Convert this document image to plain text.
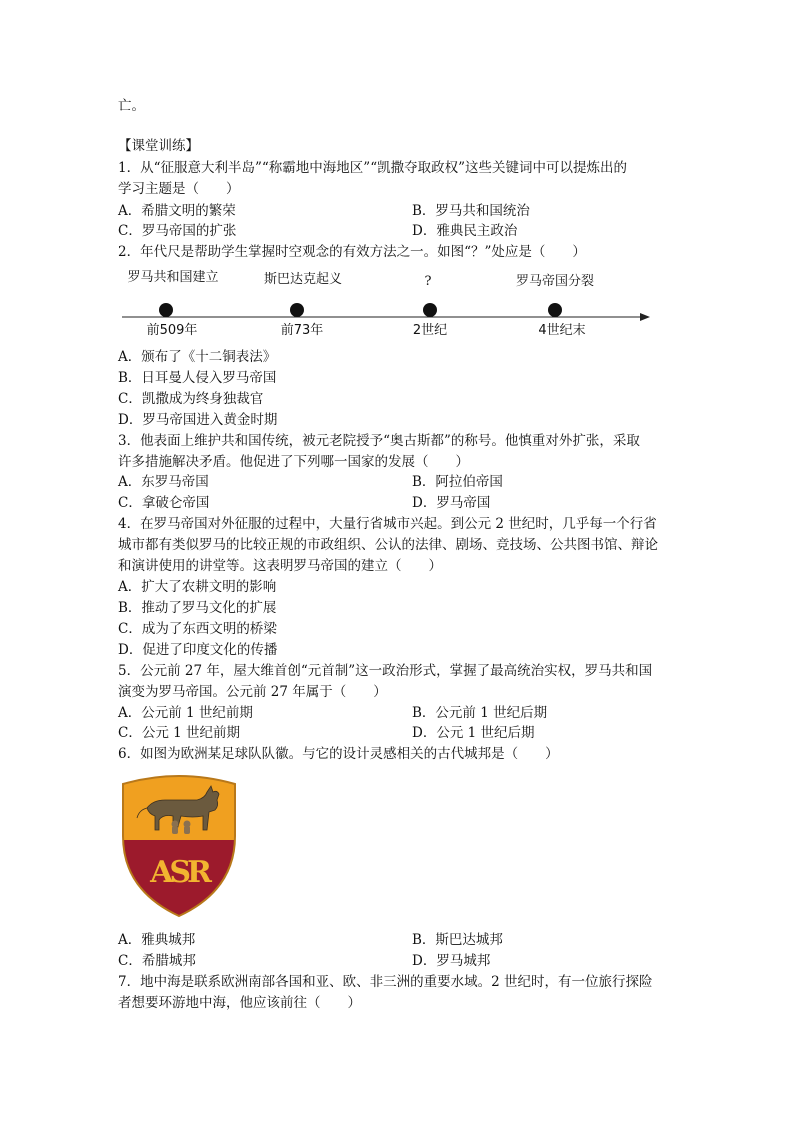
亡。
【课堂训练】
1．从“征服意大利半岛”“称霸地中海地区”“凯撒夺取政权”这些关键词中可以提炼出的
学习主题是（　　）
A．希腊文明的繁荣	B．罗马共和国统治
C．罗马帝国的扩张	D．雅典民主政治
2．年代尺是帮助学生掌握时空观念的有效方法之一。如图“？”处应是（　　）
罗马共和国建立	斯巴达克起义	?	罗马帝国分裂
前509年	前73年	2世纪	4世纪末
A．颁布了《十二铜表法》
B．日耳曼人侵入罗马帝国
C．凯撒成为终身独裁官
D．罗马帝国进入黄金时期
3．他表面上维护共和国传统，被元老院授予“奥古斯都”的称号。他慎重对外扩张，采取
许多措施解决矛盾。他促进了下列哪一国家的发展（　　）
A．东罗马帝国	B．阿拉伯帝国
C．拿破仑帝国	D．罗马帝国
4．在罗马帝国对外征服的过程中，大量行省城市兴起。到公元 2 世纪时，几乎每一个行省
城市都有类似罗马的比较正规的市政组织、公认的法律、剧场、竞技场、公共图书馆、辩论
和演讲使用的讲堂等。这表明罗马帝国的建立（　　）
A．扩大了农耕文明的影响
B．推动了罗马文化的扩展
C．成为了东西文明的桥梁
D．促进了印度文化的传播
5．公元前 27 年，屋大维首创“元首制”这一政治形式，掌握了最高统治实权，罗马共和国
演变为罗马帝国。公元前 27 年属于（　　）
A．公元前 1 世纪前期	B．公元前 1 世纪后期
C．公元 1 世纪前期	D．公元 1 世纪后期
6．如图为欧洲某足球队队徽。与它的设计灵感相关的古代城邦是（　　）
ASR
A．雅典城邦	B．斯巴达城邦
C．希腊城邦	D．罗马城邦
7．地中海是联系欧洲南部各国和亚、欧、非三洲的重要水域。2 世纪时，有一位旅行探险
者想要环游地中海，他应该前往（　　）
